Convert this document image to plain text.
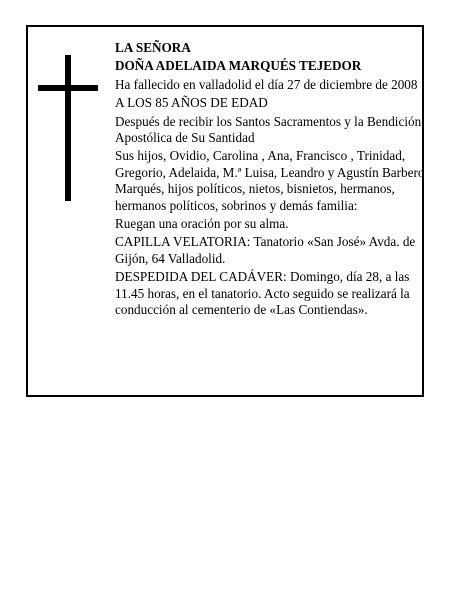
LA SEÑORA

DOÑA ADELAIDA MARQUÉS TEJEDOR

Ha fallecido en valladolid el día 27 de diciembre de 2008

A LOS 85 AÑOS DE EDAD

Después de recibir los Santos Sacramentos y la Bendición Apostólica de Su Santidad

Sus hijos, Ovidio, Carolina , Ana, Francisco , Trinidad, Gregorio, Adelaida, M.ª Luisa, Leandro y Agustín Barbero Marqués, hijos políticos, nietos, bisnietos, hermanos, hermanos políticos, sobrinos y demás familia:

Ruegan una oración por su alma.

CAPILLA VELATORIA: Tanatorio «San José» Avda. de Gijón, 64 Valladolid.

DESPEDIDA DEL CADÁVER: Domingo, día 28, a las 11.45 horas, en el tanatorio. Acto seguido se realizará la conducción al cementerio de «Las Contiendas».
